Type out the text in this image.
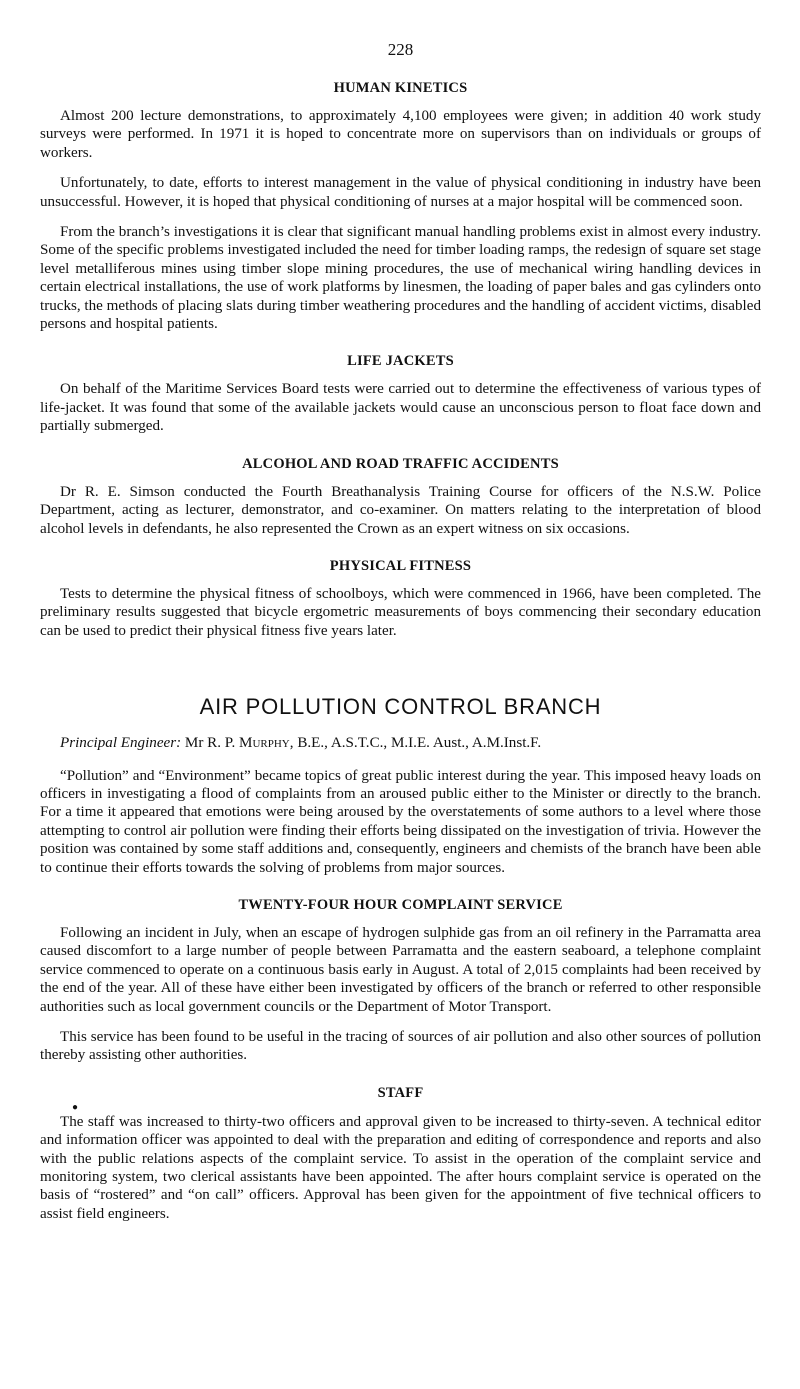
228
HUMAN KINETICS

Almost 200 lecture demonstrations, to approximately 4,100 employees were given; in addition 40 work study surveys were performed. In 1971 it is hoped to concentrate more on supervisors than on individuals or groups of workers.

Unfortunately, to date, efforts to interest management in the value of physical conditioning in industry have been unsuccessful. However, it is hoped that physical conditioning of nurses at a major hospital will be commenced soon.

From the branch’s investigations it is clear that significant manual handling problems exist in almost every industry. Some of the specific problems investigated included the need for timber loading ramps, the redesign of square set stage level metalliferous mines using timber slope mining procedures, the use of mechanical wiring handling devices in certain electrical installations, the use of work platforms by linesmen, the loading of paper bales and gas cylinders onto trucks, the methods of placing slats during timber weathering procedures and the handling of accident victims, disabled persons and hospital patients.

LIFE JACKETS

On behalf of the Maritime Services Board tests were carried out to determine the effectiveness of various types of life-jacket. It was found that some of the available jackets would cause an unconscious person to float face down and partially submerged.

ALCOHOL AND ROAD TRAFFIC ACCIDENTS

Dr R. E. Simson conducted the Fourth Breathanalysis Training Course for officers of the N.S.W. Police Department, acting as lecturer, demonstrator, and co-examiner. On matters relating to the interpretation of blood alcohol levels in defendants, he also represented the Crown as an expert witness on six occasions.

PHYSICAL FITNESS

Tests to determine the physical fitness of schoolboys, which were commenced in 1966, have been completed. The preliminary results suggested that bicycle ergometric measurements of boys commencing their secondary education can be used to predict their physical fitness five years later.

AIR POLLUTION CONTROL BRANCH

Principal Engineer: Mr R. P. Murphy, B.E., A.S.T.C., M.I.E. Aust., A.M.Inst.F.

“Pollution” and “Environment” became topics of great public interest during the year. This imposed heavy loads on officers in investigating a flood of complaints from an aroused public either to the Minister or directly to the branch. For a time it appeared that emotions were being aroused by the overstatements of some authors to a level where those attempting to control air pollution were finding their efforts being dissipated on the investigation of trivia. However the position was contained by some staff additions and, consequently, engineers and chemists of the branch have been able to continue their efforts towards the solving of problems from major sources.

TWENTY-FOUR HOUR COMPLAINT SERVICE

Following an incident in July, when an escape of hydrogen sulphide gas from an oil refinery in the Parramatta area caused discomfort to a large number of people between Parramatta and the eastern seaboard, a telephone complaint service commenced to operate on a continuous basis early in August. A total of 2,015 complaints had been received by the end of the year. All of these have either been investigated by officers of the branch or referred to other responsible authorities such as local government councils or the Department of Motor Transport.

This service has been found to be useful in the tracing of sources of air pollution and also other sources of pollution thereby assisting other authorities.

STAFF
●

The staff was increased to thirty-two officers and approval given to be increased to thirty-seven. A technical editor and information officer was appointed to deal with the preparation and editing of correspondence and reports and also with the public relations aspects of the complaint service. To assist in the operation of the complaint service and monitoring system, two clerical assistants have been appointed. The after hours complaint service is operated on the basis of “rostered” and “on call” officers. Approval has been given for the appointment of five technical officers to assist field engineers.
